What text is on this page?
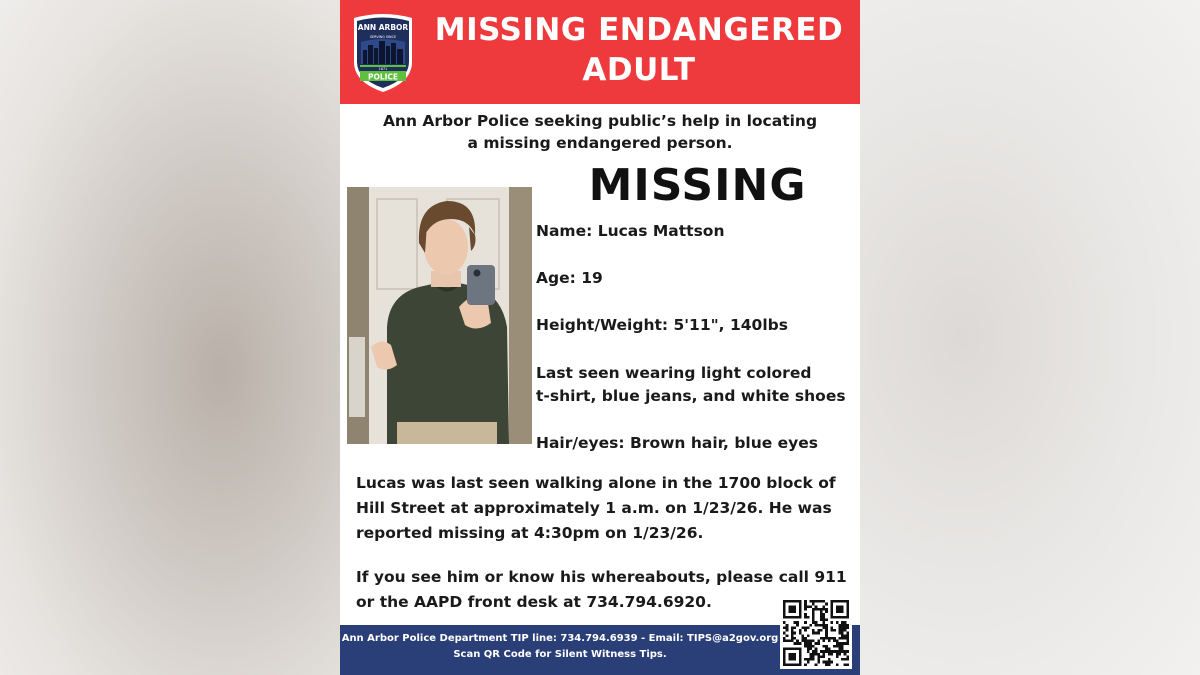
ANN ARBOR
SERVING SINCE
1871
POLICE
MISSING ENDANGERED
ADULT
Ann Arbor Police seeking public’s help in locating
a missing endangered person.
MISSING
Name: Lucas Mattson
Age: 19
Height/Weight: 5'11", 140lbs
Last seen wearing light colored
t-shirt, blue jeans, and white shoes
Hair/eyes: Brown hair, blue eyes
Lucas was last seen walking alone in the 1700 block of
Hill Street at approximately 1 a.m. on 1/23/26. He was
reported missing at 4:30pm on 1/23/26.
If you see him or know his whereabouts, please call 911
or the AAPD front desk at 734.794.6920.
Ann Arbor Police Department TIP line: 734.794.6939 - Email: TIPS@a2gov.org
Scan QR Code for Silent Witness Tips.
